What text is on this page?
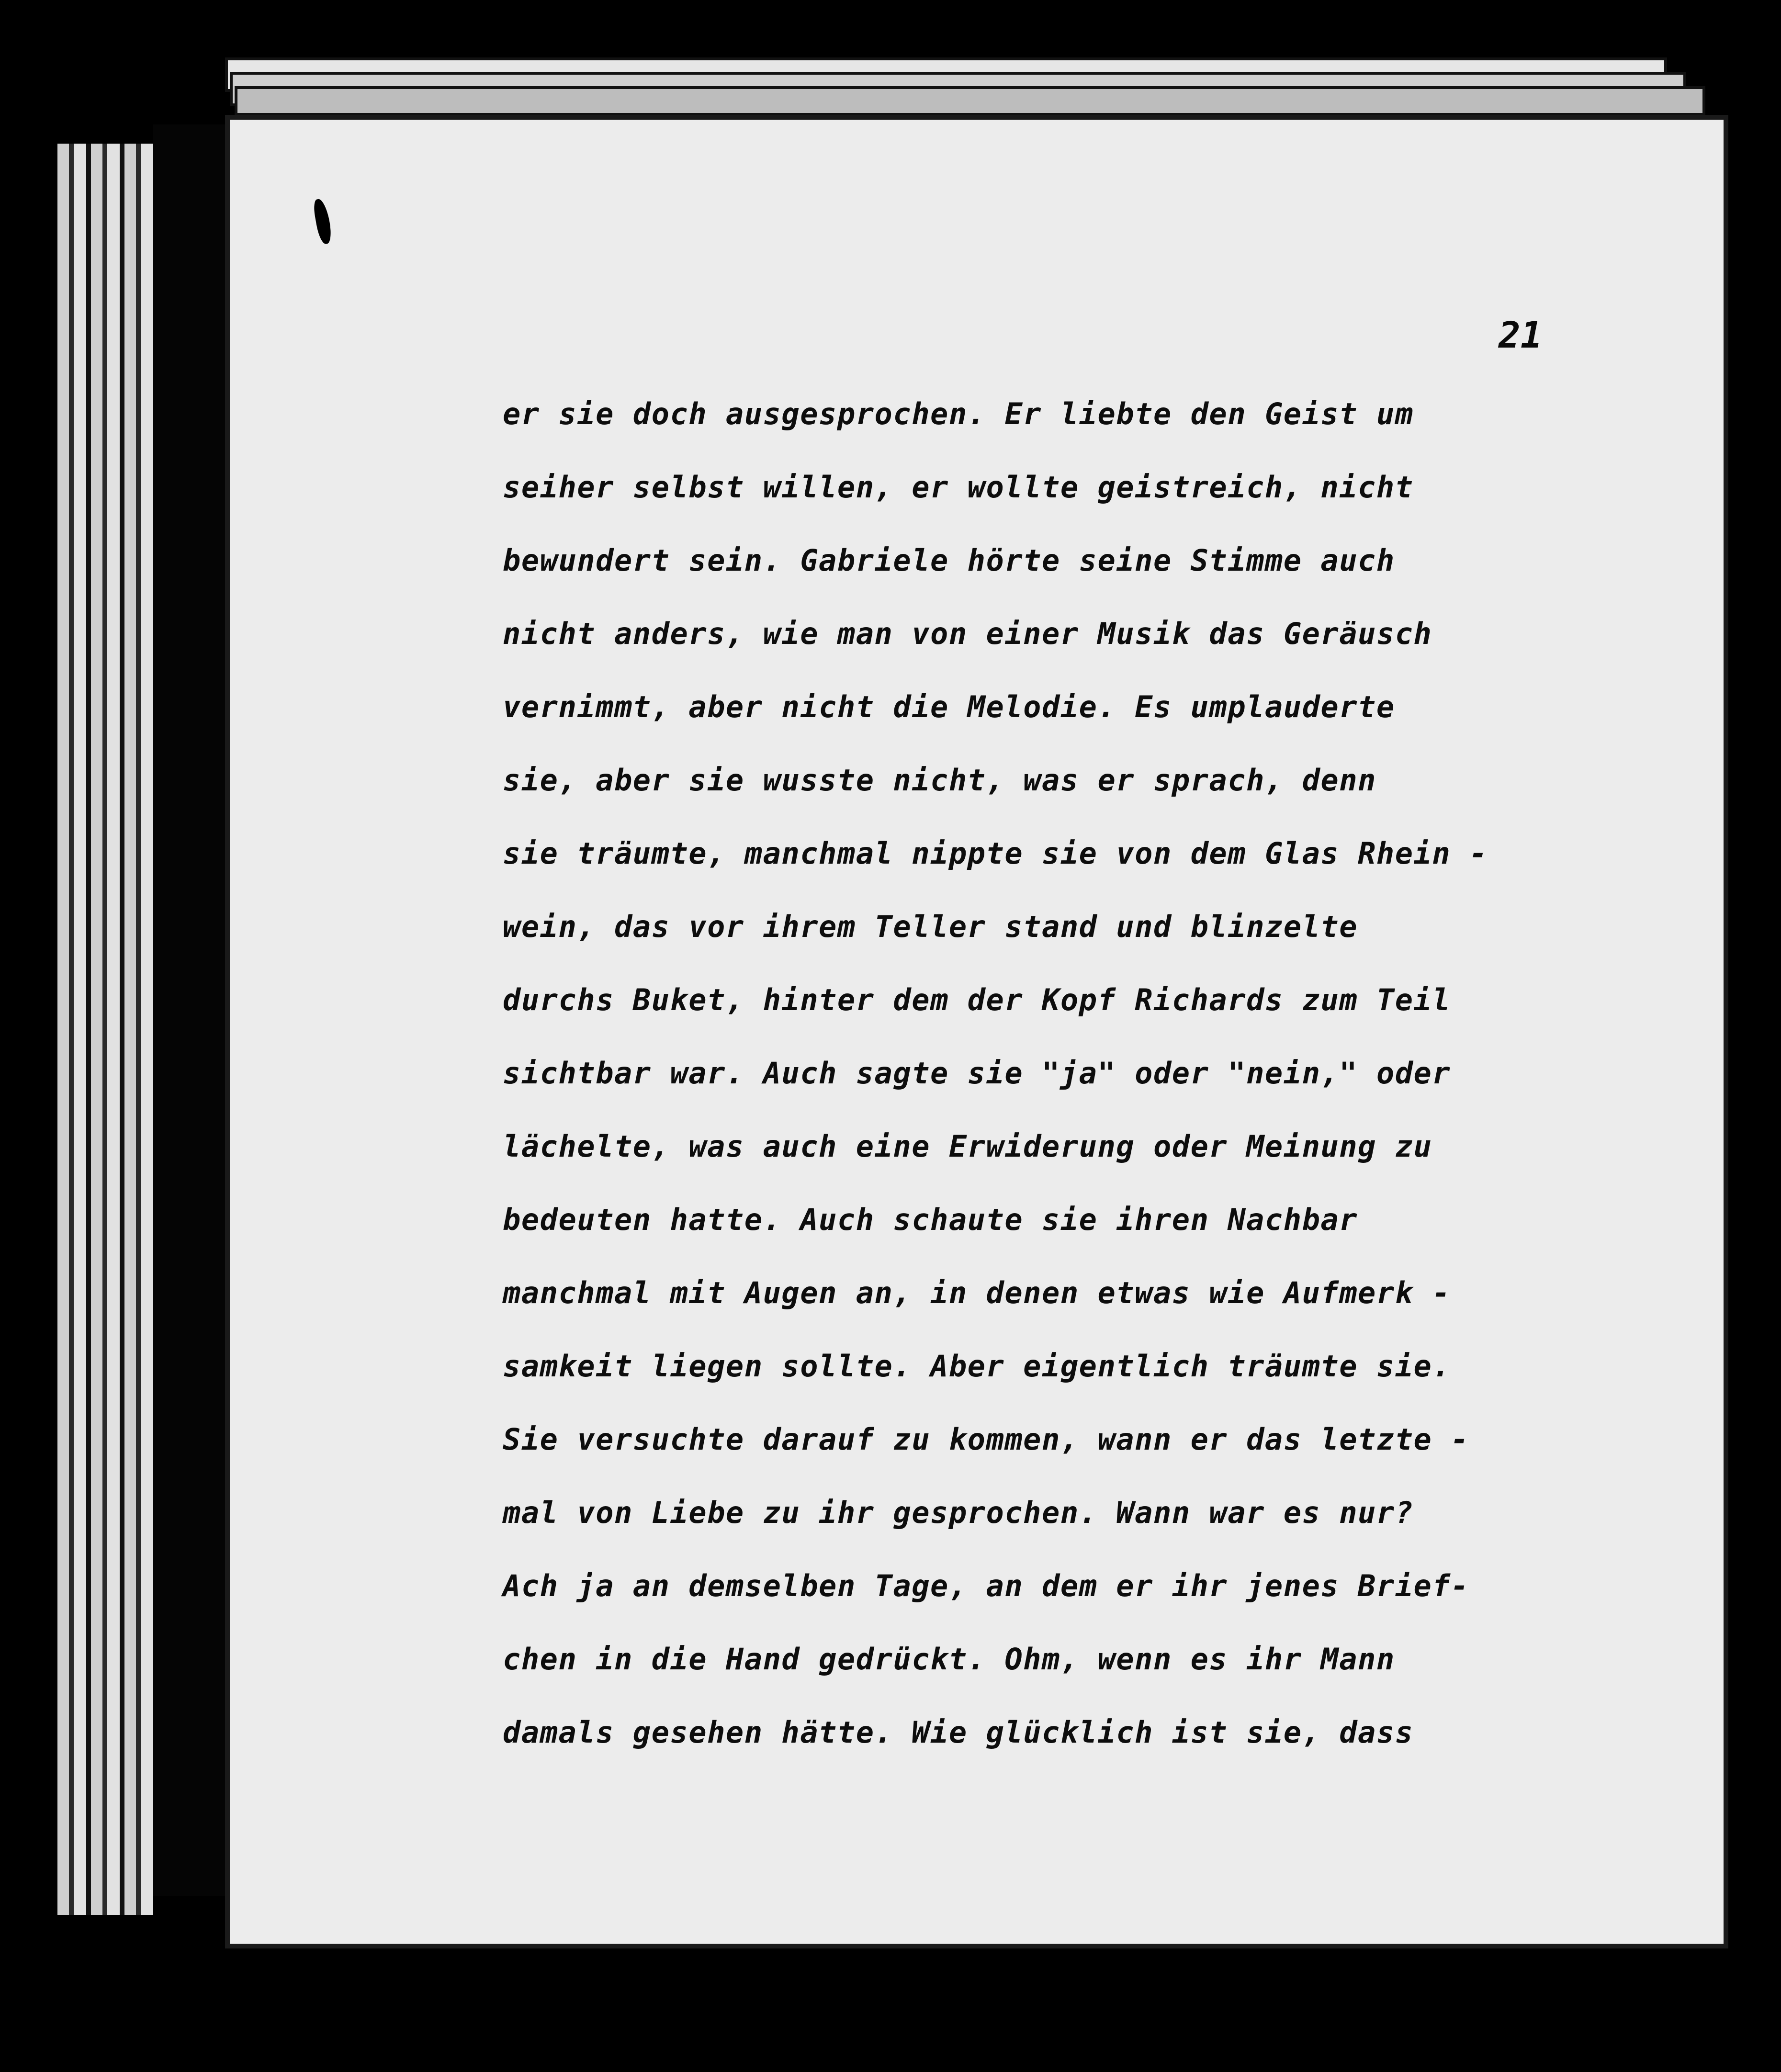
21
er sie doch ausgesprochen. Er liebte den Geist um
seiher selbst willen, er wollte geistreich, nicht
bewundert sein. Gabriele hörte seine Stimme auch
nicht anders, wie man von einer Musik das Geräusch
vernimmt, aber nicht die Melodie. Es umplauderte
sie, aber sie wusste nicht, was er sprach, denn
sie träumte, manchmal nippte sie von dem Glas Rhein -
wein, das vor ihrem Teller stand und blinzelte
durchs Buket, hinter dem der Kopf Richards zum Teil
sichtbar war. Auch sagte sie "ja" oder "nein," oder
lächelte, was auch eine Erwiderung oder Meinung zu
bedeuten hatte. Auch schaute sie ihren Nachbar
manchmal mit Augen an, in denen etwas wie Aufmerk -
samkeit liegen sollte. Aber eigentlich träumte sie.
Sie versuchte darauf zu kommen, wann er das letzte -
mal von Liebe zu ihr gesprochen. Wann war es nur?
Ach ja an demselben Tage, an dem er ihr jenes Brief-
chen in die Hand gedrückt. Ohm, wenn es ihr Mann
damals gesehen hätte. Wie glücklich ist sie, dass
